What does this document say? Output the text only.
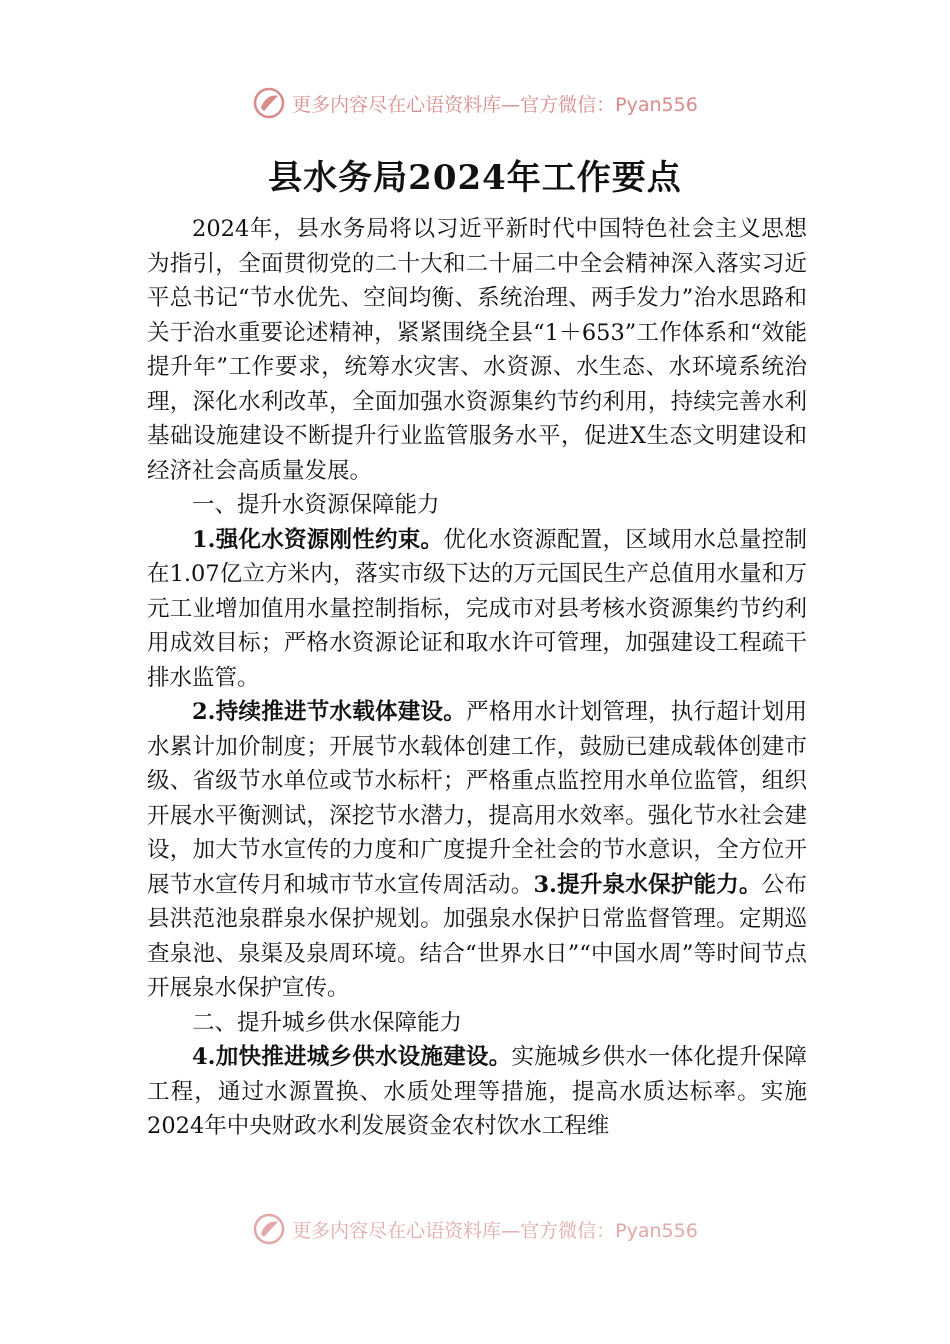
更多内容尽在心语资料库—官方微信：Pyan556
县水务局2024年工作要点

2024年，县水务局将以习近平新时代中国特色社会主义思想为指引，全面贯彻党的二十大和二十届二中全会精神深入落实习近平总书记“节水优先、空间均衡、系统治理、两手发力”治水思路和关于治水重要论述精神，紧紧围绕全县“1＋653”工作体系和“效能提升年”工作要求，统筹水灾害、水资源、水生态、水环境系统治理，深化水利改革，全面加强水资源集约节约利用，持续完善水利基础设施建设不断提升行业监管服务水平，促进X生态文明建设和经济社会高质量发展。

一、提升水资源保障能力

1.强化水资源刚性约束。优化水资源配置，区域用水总量控制在1.07亿立方米内，落实市级下达的万元国民生产总值用水量和万元工业增加值用水量控制指标，完成市对县考核水资源集约节约利用成效目标；严格水资源论证和取水许可管理，加强建设工程疏干排水监管。

2.持续推进节水载体建设。严格用水计划管理，执行超计划用水累计加价制度；开展节水载体创建工作，鼓励已建成载体创建市级、省级节水单位或节水标杆；严格重点监控用水单位监管，组织开展水平衡测试，深挖节水潜力，提高用水效率。强化节水社会建设，加大节水宣传的力度和广度提升全社会的节水意识，全方位开展节水宣传月和城市节水宣传周活动。3.提升泉水保护能力。公布县洪范池泉群泉水保护规划。加强泉水保护日常监督管理。定期巡查泉池、泉渠及泉周环境。结合“世界水日”“中国水周”等时间节点开展泉水保护宣传。

二、提升城乡供水保障能力

4.加快推进城乡供水设施建设。实施城乡供水一体化提升保障工程，通过水源置换、水质处理等措施，提高水质达标率。实施2024年中央财政水利发展资金农村饮水工程维

更多内容尽在心语资料库—官方微信：Pyan556
